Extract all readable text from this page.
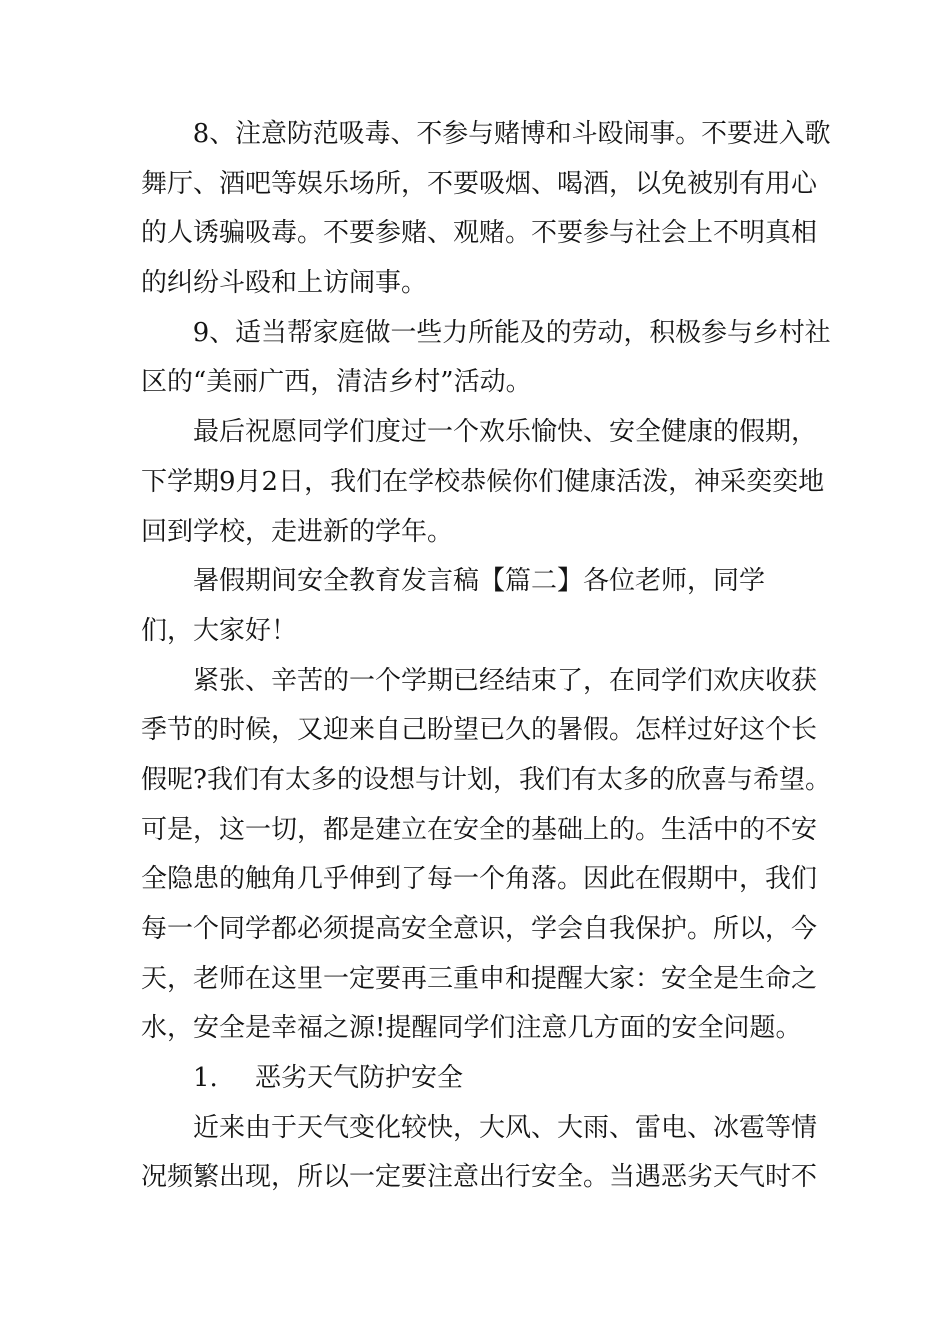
8、注意防范吸毒、不参与赌博和斗殴闹事。不要进入歌
舞厅、酒吧等娱乐场所，不要吸烟、喝酒，以免被别有用心
的人诱骗吸毒。不要参赌、观赌。不要参与社会上不明真相
的纠纷斗殴和上访闹事。
9、适当帮家庭做一些力所能及的劳动，积极参与乡村社
区的“美丽广西，清洁乡村”活动。
最后祝愿同学们度过一个欢乐愉快、安全健康的假期，
下学期9月2日，我们在学校恭候你们健康活泼，神采奕奕地
回到学校，走进新的学年。
暑假期间安全教育发言稿【篇二】各位老师，同学
们，大家好！
紧张、辛苦的一个学期已经结束了，在同学们欢庆收获
季节的时候，又迎来自己盼望已久的暑假。怎样过好这个长
假呢?我们有太多的设想与计划，我们有太多的欣喜与希望。
可是，这一切，都是建立在安全的基础上的。生活中的不安
全隐患的触角几乎伸到了每一个角落。因此在假期中，我们
每一个同学都必须提高安全意识，学会自我保护。所以，今
天，老师在这里一定要再三重申和提醒大家：安全是生命之
水，安全是幸福之源!提醒同学们注意几方面的安全问题。
1. 恶劣天气防护安全
近来由于天气变化较快，大风、大雨、雷电、冰雹等情
况频繁出现，所以一定要注意出行安全。当遇恶劣天气时不
